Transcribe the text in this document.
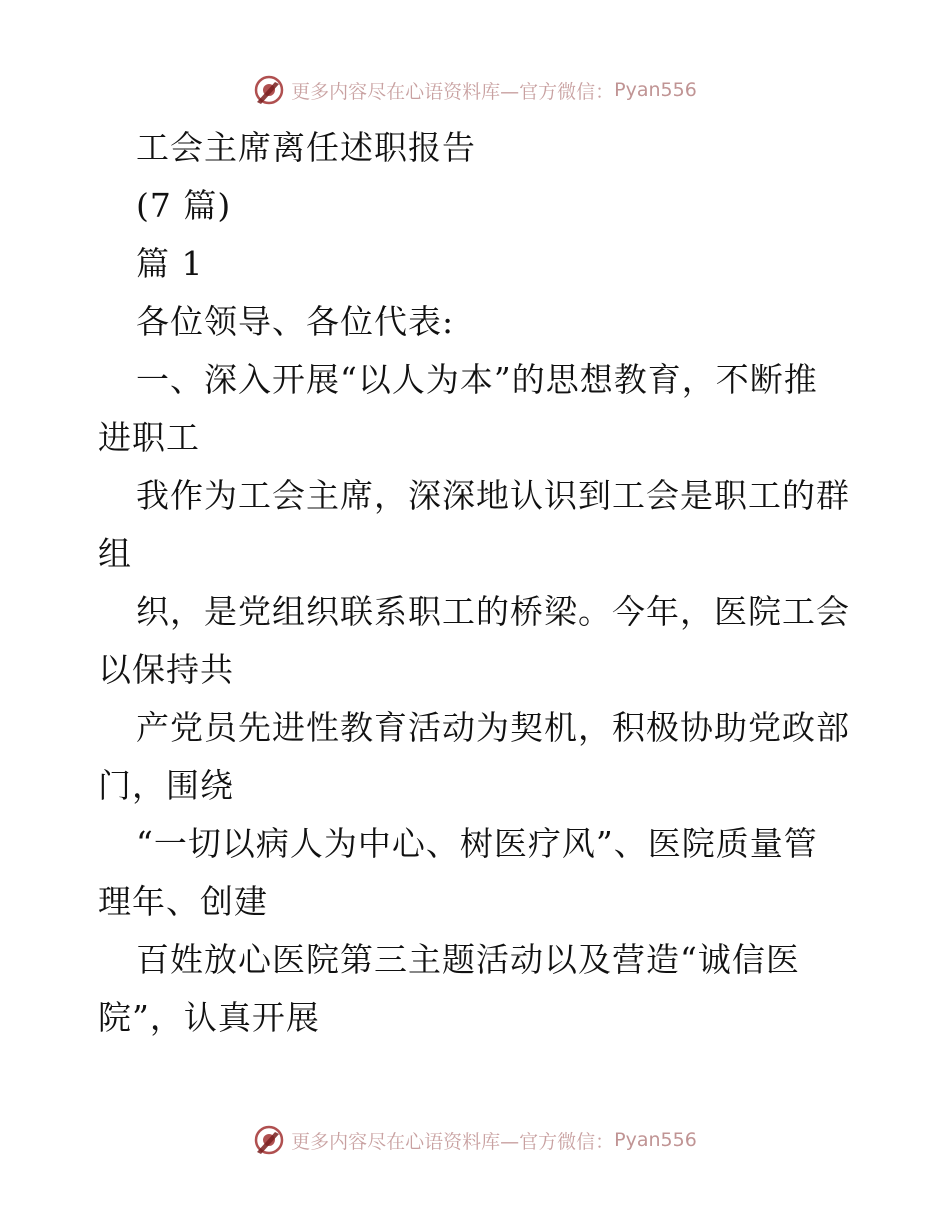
更多内容尽在心语资料库—官方微信： Pyan556
工会主席离任述职报告
(7 篇)
篇 1
各位领导、各位代表:
一、深入开展“以人为本”的思想教育，不断推
进职工
我作为工会主席，深深地认识到工会是职工的群
组
织，是党组织联系职工的桥梁。今年，医院工会
以保持共
产党员先进性教育活动为契机，积极协助党政部
门，围绕
“一切以病人为中心、树医疗风”、医院质量管
理年、创建
百姓放心医院第三主题活动以及营造“诚信医
院”，认真开展
更多内容尽在心语资料库—官方微信： Pyan556
